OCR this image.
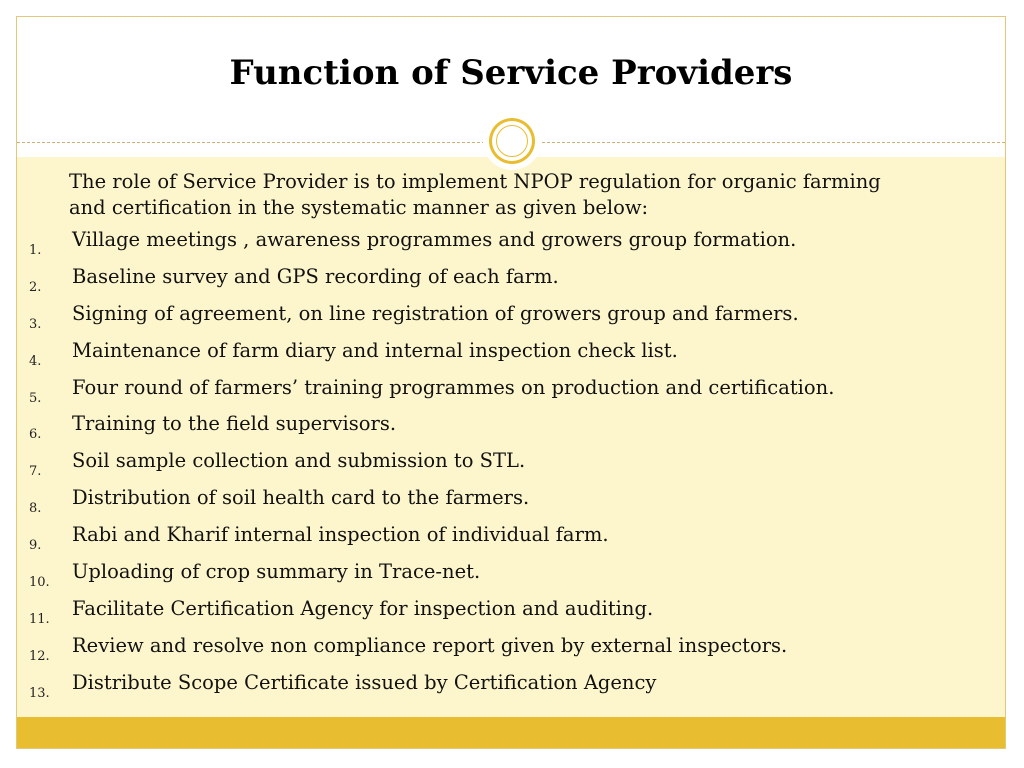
Function of Service Providers

The role of Service Provider is to implement NPOP regulation for organic farming
and certification in the systematic manner as given below:

1. Village meetings , awareness programmes and growers group formation.
2. Baseline survey and GPS recording of each farm.
3. Signing of agreement, on line registration of growers group and farmers.
4. Maintenance of farm diary and internal inspection check list.
5. Four round of farmers’ training programmes on production and certification.
6. Training to the field supervisors.
7. Soil sample collection and submission to STL.
8. Distribution of soil health card to the farmers.
9. Rabi and Kharif internal inspection of individual farm.
10. Uploading of crop summary in Trace-net.
11. Facilitate Certification Agency for inspection and auditing.
12. Review and resolve non compliance report given by external inspectors.
13. Distribute Scope Certificate issued by Certification Agency
